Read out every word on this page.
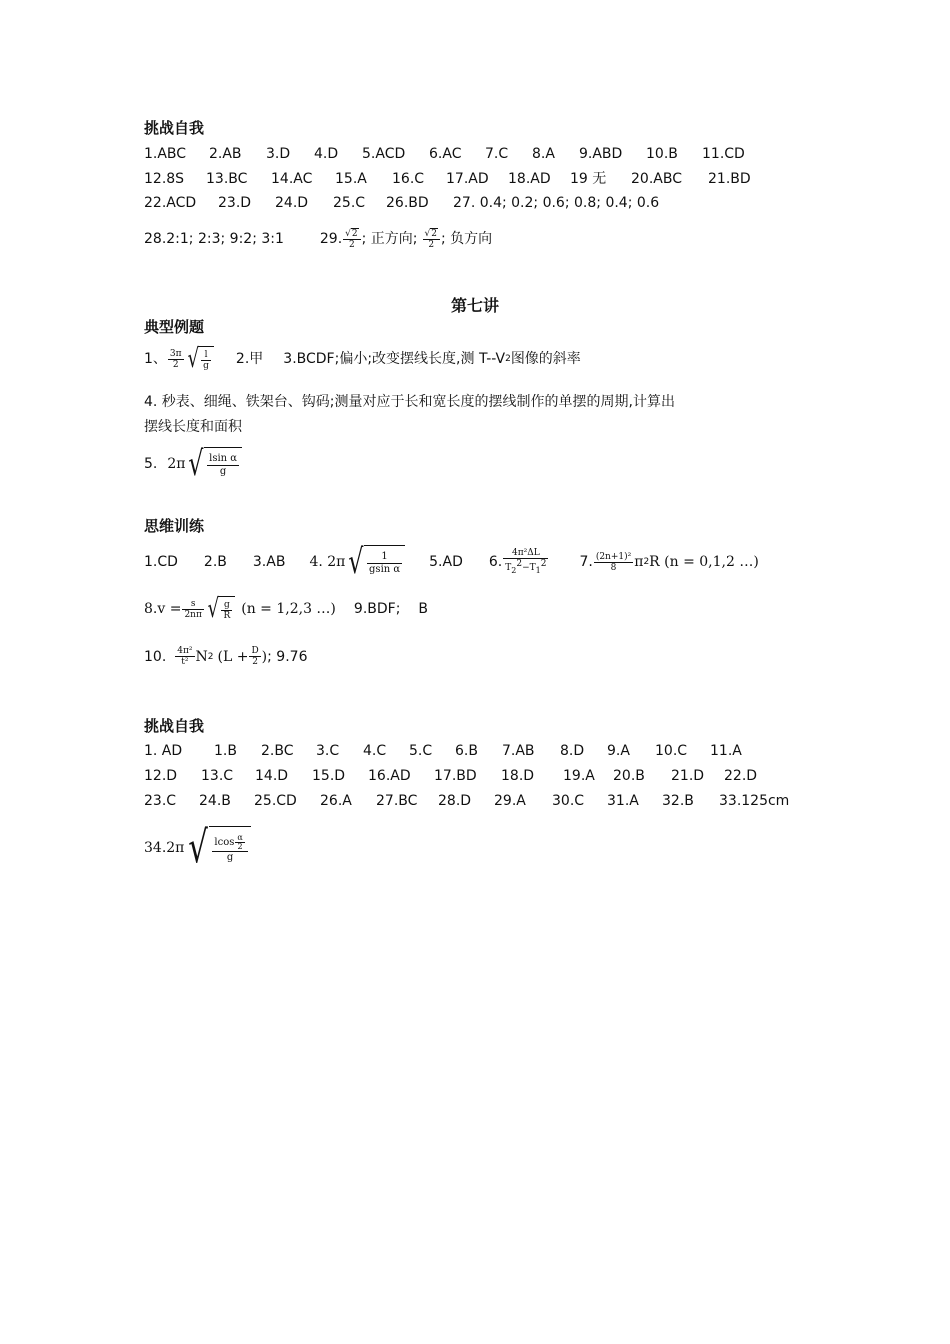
挑战自我
1.ABC 2.AB 3.D 4.D 5.ACD 6.AC 7.C 8.A 9.ABD 10.B 11.CD
12.8S 13.BC 14.AC 15.A 16.C 17.AD 18.AD 19 无 20.ABC 21.BD
22.ACD 23.D 24.D 25.C 26.BD 27. 0.4; 0.2; 0.6; 0.8; 0.4; 0.6
28.2:1; 2:3; 9:2; 3:1	29. $\frac{√ 2}{2}$ ; 正方向; $\frac{√ 2}{2}$ ; 负方向
第七讲
典型例题
1、 $\frac{3\pi}{2}$ √ $\frac{l}{g} 2$.甲 3.BCDF;偏小;改变摆线长度,测 T--V 2 图像的斜率
4. 秒表、细绳、铁架台、钩码;测量对应于长和宽长度的摆线制作的单摆的周期,计算出
摆线长度和面积
5. 2π √ $\frac{\text{lsin α}}{g}$
思维训练
1.CD 2.B 3.AB 4. 2π √ $\frac{1}{\text{gsin α}} 5.AD$ 6. $\frac{\text{4π²ΔL}}{T_2^2-T_1^2} 7$. $\frac{\text{(2n+1)²}}{8}$ π 2 R (n = 0,1,2 …)
$8.v = \frac{s}{2n\pi}$ √ $\frac{g}{R} (n = 1,2,3$ …) 9.BDF; B
10. $\frac{\text{4π²}}{\text{t²}}$ N 2 ($L + \frac{D}{2}$ ) ; 9.76
挑战自我
1. AD 1.B 2.BC 3.C 4.C 5.C 6.B 7.AB 8.D 9.A 10.C 11.A
12.D 13.C 14.D 15.D 16.AD 17.BD 18.D 19.A 20.B 21.D 22.D
23.C 24.B 25.CD 26.A 27.BC 28.D 29.A 30.C 31.A 32.B 33.125cm
34.2π √ $\frac{lcos \frac{\alpha}{2}}{g}$
